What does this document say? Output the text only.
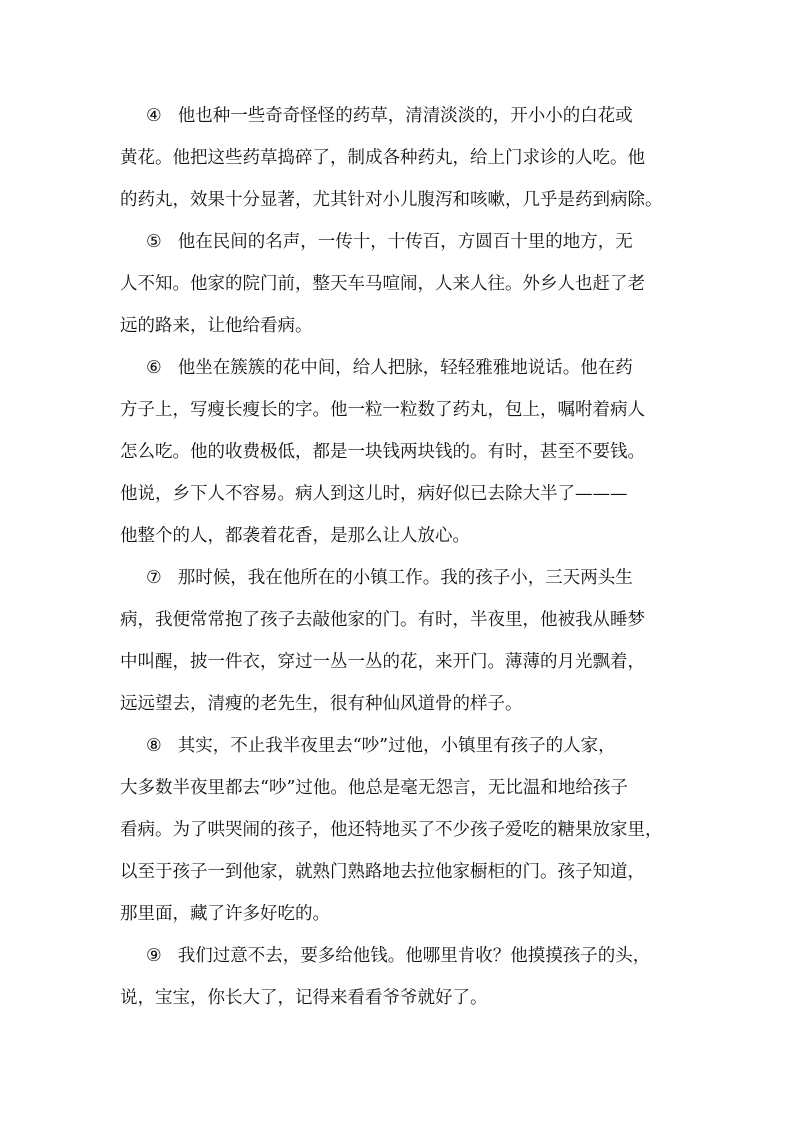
④ 他也种一些奇奇怪怪的药草，清清淡淡的，开小小的白花或
黄花。他把这些药草捣碎了，制成各种药丸，给上门求诊的人吃。他
的药丸，效果十分显著，尤其针对小儿腹泻和咳嗽，几乎是药到病除。
⑤ 他在民间的名声，一传十，十传百，方圆百十里的地方，无
人不知。他家的院门前，整天车马喧闹，人来人往。外乡人也赶了老
远的路来，让他给看病。
⑥ 他坐在簇簇的花中间，给人把脉，轻轻雅雅地说话。他在药
方子上，写瘦长瘦长的字。他一粒一粒数了药丸，包上，嘱咐着病人
怎么吃。他的收费极低，都是一块钱两块钱的。有时，甚至不要钱。
他说，乡下人不容易。病人到这儿时，病好似已去除大半了———
他整个的人，都袭着花香，是那么让人放心。
⑦ 那时候，我在他所在的小镇工作。我的孩子小，三天两头生
病，我便常常抱了孩子去敲他家的门。有时，半夜里，他被我从睡梦
中叫醒，披一件衣，穿过一丛一丛的花，来开门。薄薄的月光飘着，
远远望去，清瘦的老先生，很有种仙风道骨的样子。
⑧ 其实，不止我半夜里去“吵”过他，小镇里有孩子的人家，
大多数半夜里都去“吵”过他。他总是毫无怨言，无比温和地给孩子
看病。为了哄哭闹的孩子，他还特地买了不少孩子爱吃的糖果放家里，
以至于孩子一到他家，就熟门熟路地去拉他家橱柜的门。孩子知道，
那里面，藏了许多好吃的。
⑨ 我们过意不去，要多给他钱。他哪里肯收？他摸摸孩子的头，
说，宝宝，你长大了，记得来看看爷爷就好了。
